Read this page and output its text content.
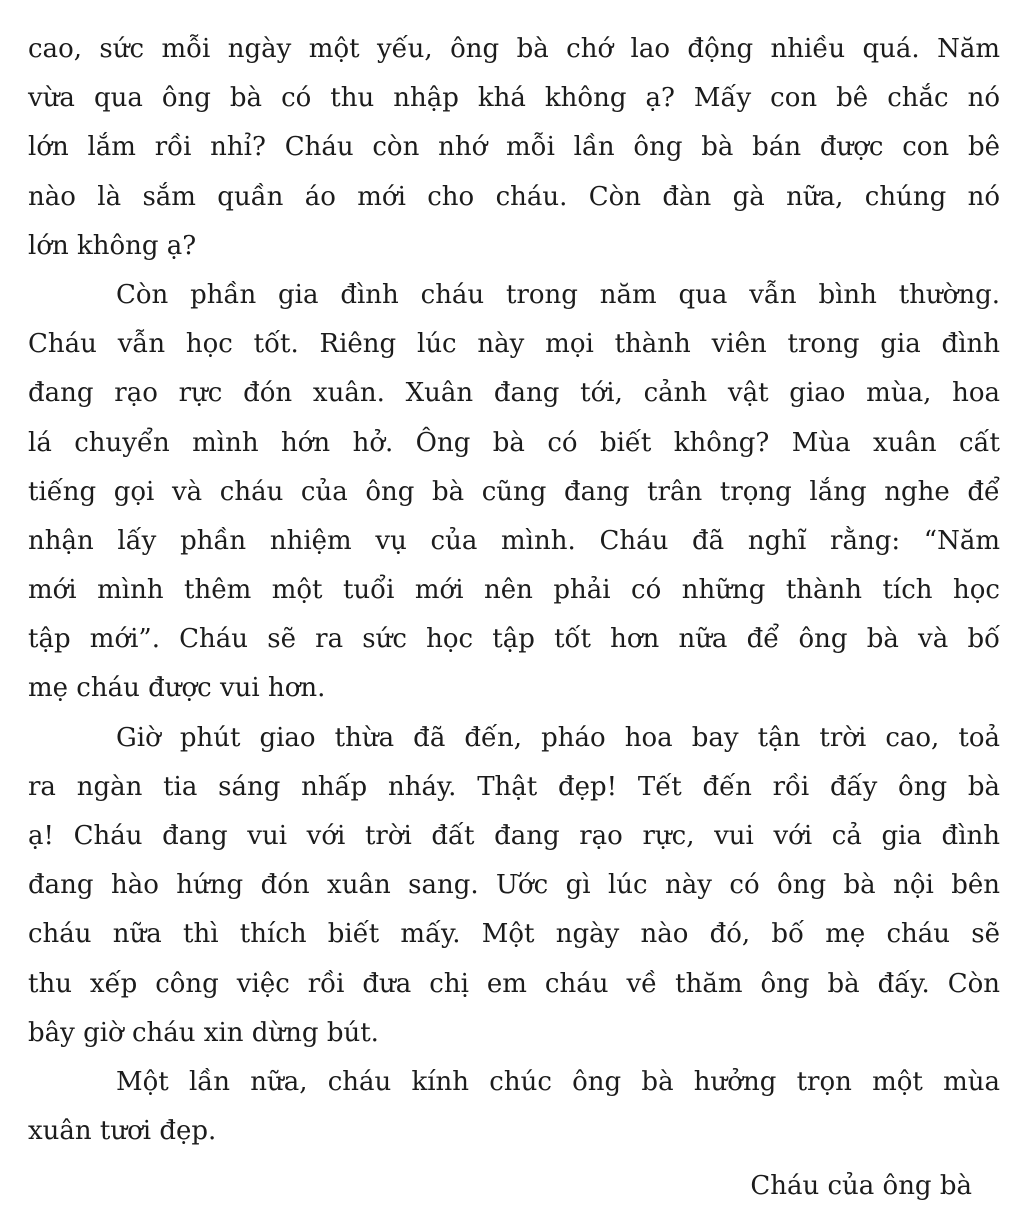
cao, sức mỗi ngày một yếu, ông bà chớ lao động nhiều quá. Năm
vừa qua ông bà có thu nhập khá không ạ? Mấy con bê chắc nó
lớn lắm rồi nhỉ? Cháu còn nhớ mỗi lần ông bà bán được con bê
nào là sắm quần áo mới cho cháu. Còn đàn gà nữa, chúng nó
lớn không ạ?
Còn phần gia đình cháu trong năm qua vẫn bình thường.
Cháu vẫn học tốt. Riêng lúc này mọi thành viên trong gia đình
đang rạo rực đón xuân. Xuân đang tới, cảnh vật giao mùa, hoa
lá chuyển mình hớn hở. Ông bà có biết không? Mùa xuân cất
tiếng gọi và cháu của ông bà cũng đang trân trọng lắng nghe để
nhận lấy phần nhiệm vụ của mình. Cháu đã nghĩ rằng: “Năm
mới mình thêm một tuổi mới nên phải có những thành tích học
tập mới”. Cháu sẽ ra sức học tập tốt hơn nữa để ông bà và bố
mẹ cháu được vui hơn.
Giờ phút giao thừa đã đến, pháo hoa bay tận trời cao, toả
ra ngàn tia sáng nhấp nháy. Thật đẹp! Tết đến rồi đấy ông bà
ạ! Cháu đang vui với trời đất đang rạo rực, vui với cả gia đình
đang hào hứng đón xuân sang. Ước gì lúc này có ông bà nội bên
cháu nữa thì thích biết mấy. Một ngày nào đó, bố mẹ cháu sẽ
thu xếp công việc rồi đưa chị em cháu về thăm ông bà đấy. Còn
bây giờ cháu xin dừng bút.
Một lần nữa, cháu kính chúc ông bà hưởng trọn một mùa
xuân tươi đẹp.
Cháu của ông bà
